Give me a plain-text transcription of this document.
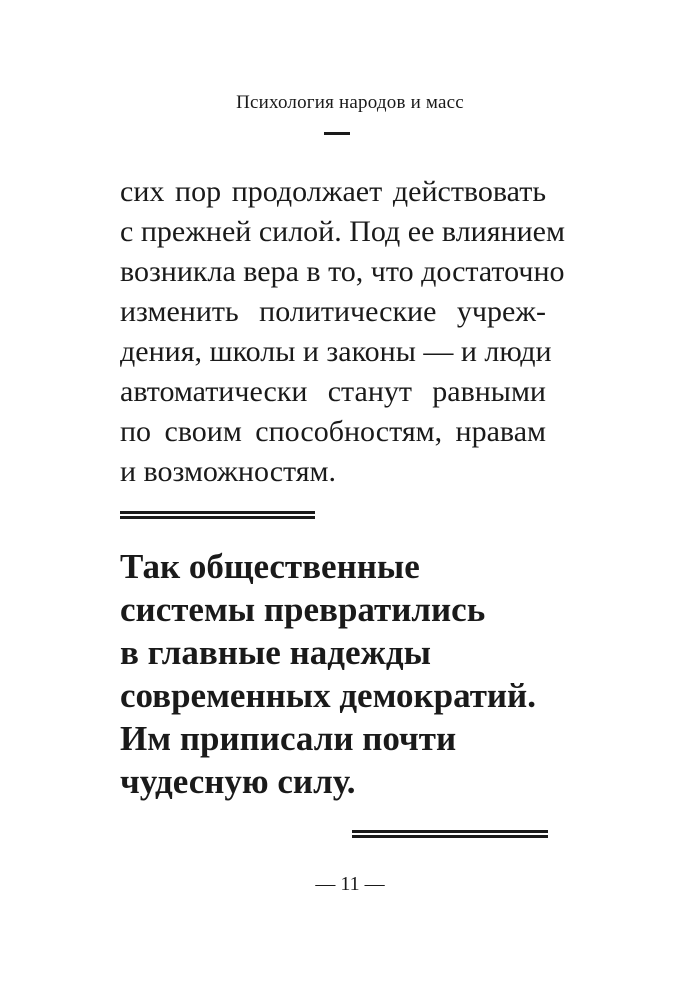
Психология народов и масс
сих пор продолжает действовать
с прежней силой. Под ее влиянием
возникла вера в то, что достаточно
изменить политические учреж-
дения, школы и законы — и люди
автоматически станут равными
по своим способностям, нравам
и возможностям.
Так общественные
системы превратились
в главные надежды
современных демократий.
Им приписали почти
чудесную силу.
— 11 —
